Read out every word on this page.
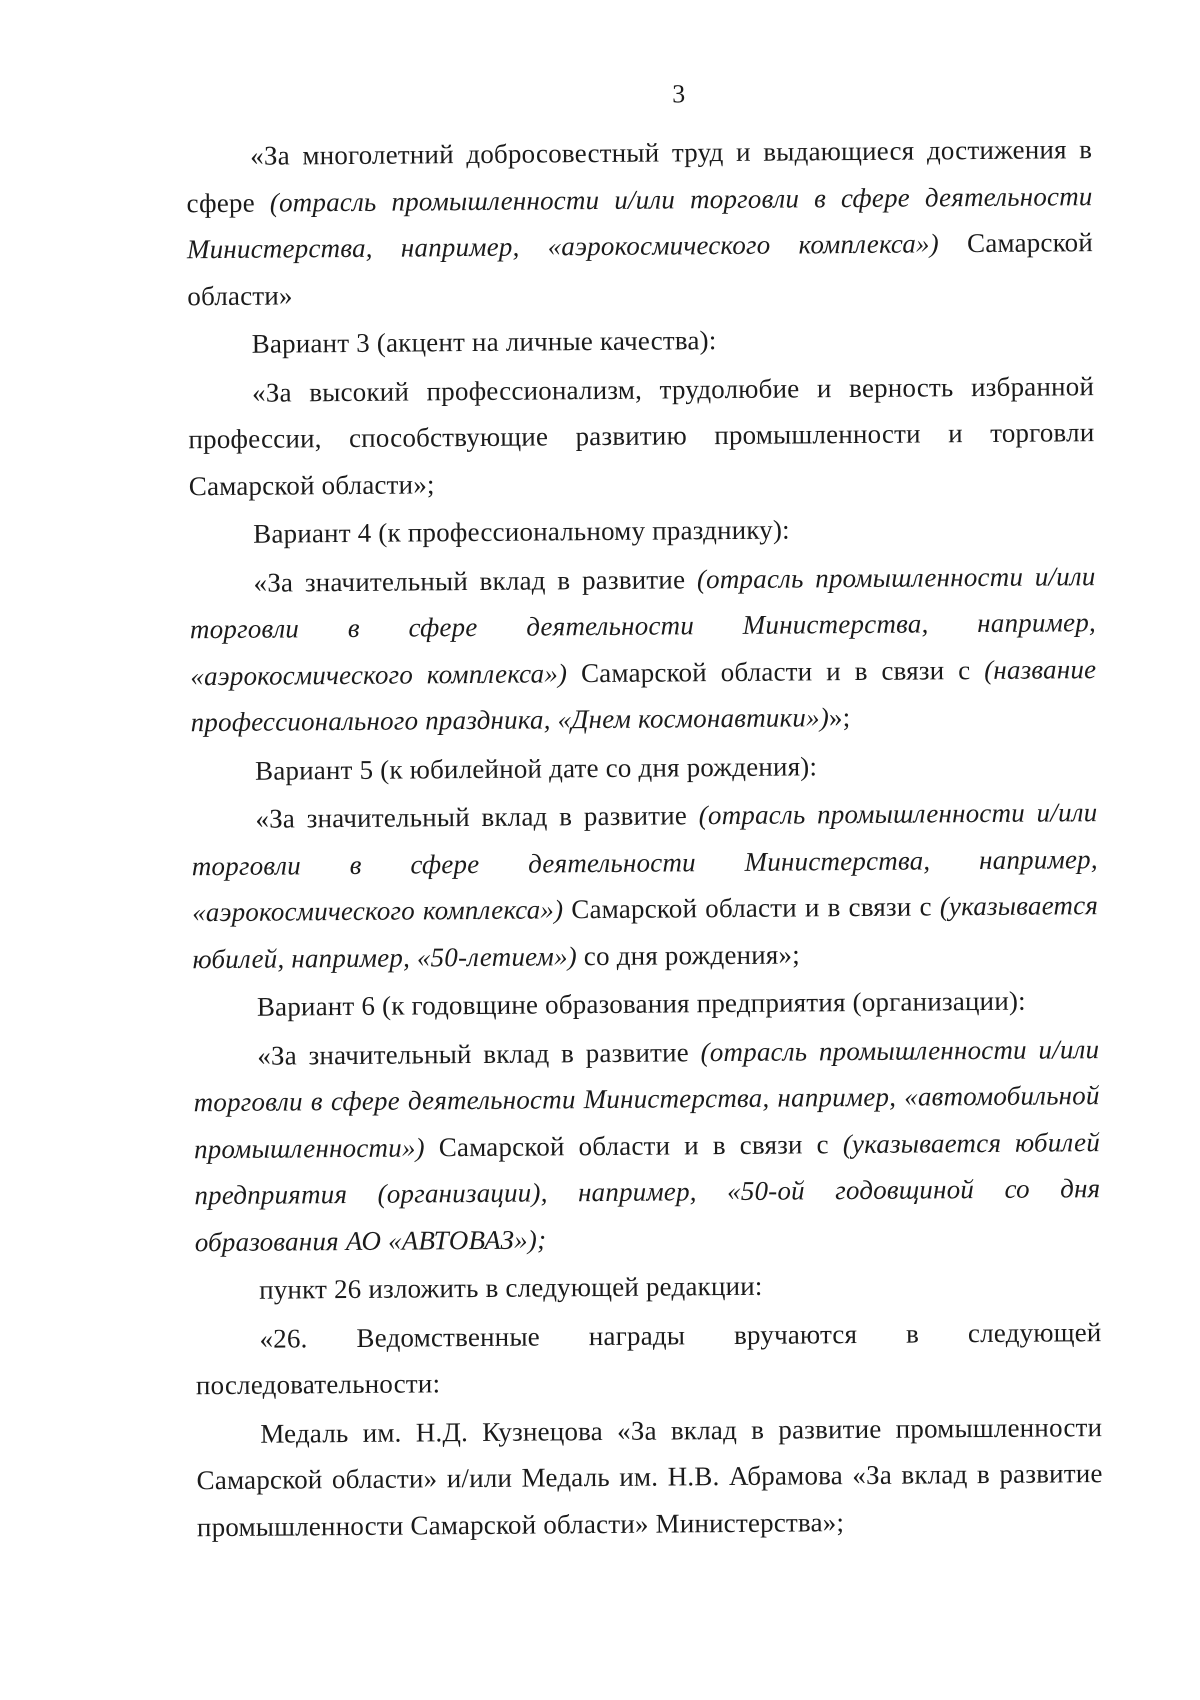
3

«За многолетний добросовестный труд и выдающиеся достижения в сфере (отрасль промышленности и/или торговли в сфере деятельности Министерства, например, «аэрокосмического комплекса») Самарской области»

Вариант 3 (акцент на личные качества):

«За высокий профессионализм, трудолюбие и верность избранной профессии, способствующие развитию промышленности и торговли Самарской области»;

Вариант 4 (к профессиональному празднику):

«За значительный вклад в развитие (отрасль промышленности и/или торговли в сфере деятельности Министерства, например, «аэрокосмического комплекса») Самарской области и в связи с (название профессионального праздника, «Днем космонавтики»)»;

Вариант 5 (к юбилейной дате со дня рождения):

«За значительный вклад в развитие (отрасль промышленности и/или торговли в сфере деятельности Министерства, например, «аэрокосмического комплекса») Самарской области и в связи с (указывается юбилей, например, «50-летием») со дня рождения»;

Вариант 6 (к годовщине образования предприятия (организации):

«За значительный вклад в развитие (отрасль промышленности и/или торговли в сфере деятельности Министерства, например, «автомобильной промышленности») Самарской области и в связи с (указывается юбилей предприятия (организации), например, «50-ой годовщиной со дня образования АО «АВТОВАЗ»);

пункт 26 изложить в следующей редакции:

«26. Ведомственные награды вручаются в следующей последовательности:

Медаль им. Н.Д. Кузнецова «За вклад в развитие промышленности Самарской области» и/или Медаль им. Н.В. Абрамова «За вклад в развитие промышленности Самарской области» Министерства»;
